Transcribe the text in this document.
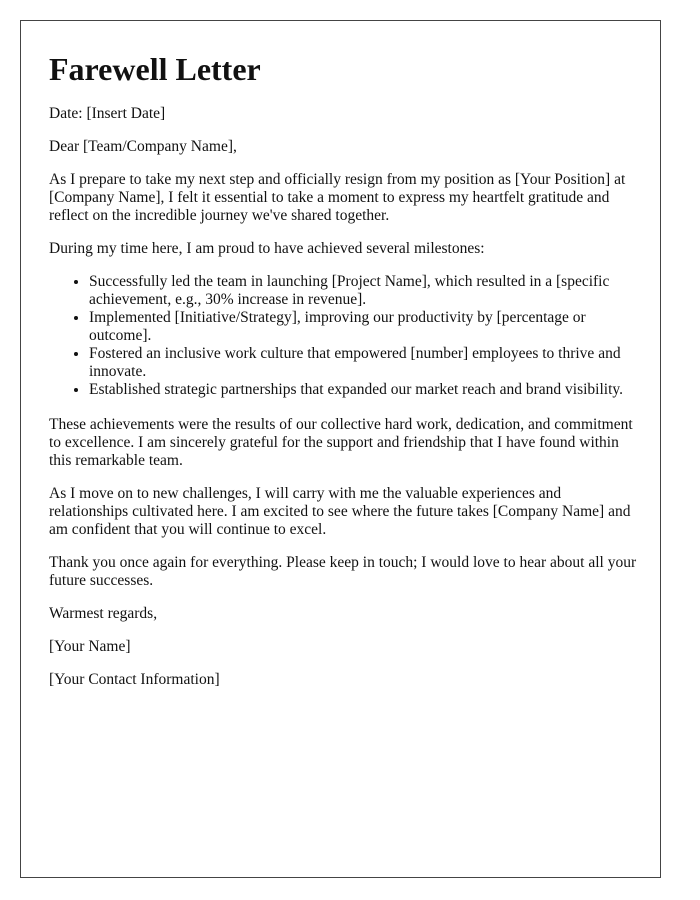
Farewell Letter

Date: [Insert Date]

Dear [Team/Company Name],

As I prepare to take my next step and officially resign from my position as [Your Position] at [Company Name], I felt it essential to take a moment to express my heartfelt gratitude and reflect on the incredible journey we've shared together.

During my time here, I am proud to have achieved several milestones:

• Successfully led the team in launching [Project Name], which resulted in a [specific achievement, e.g., 30% increase in revenue].
• Implemented [Initiative/Strategy], improving our productivity by [percentage or outcome].
• Fostered an inclusive work culture that empowered [number] employees to thrive and innovate.
• Established strategic partnerships that expanded our market reach and brand visibility.

These achievements were the results of our collective hard work, dedication, and commitment to excellence. I am sincerely grateful for the support and friendship that I have found within this remarkable team.

As I move on to new challenges, I will carry with me the valuable experiences and relationships cultivated here. I am excited to see where the future takes [Company Name] and am confident that you will continue to excel.

Thank you once again for everything. Please keep in touch; I would love to hear about all your future successes.

Warmest regards,

[Your Name]

[Your Contact Information]
